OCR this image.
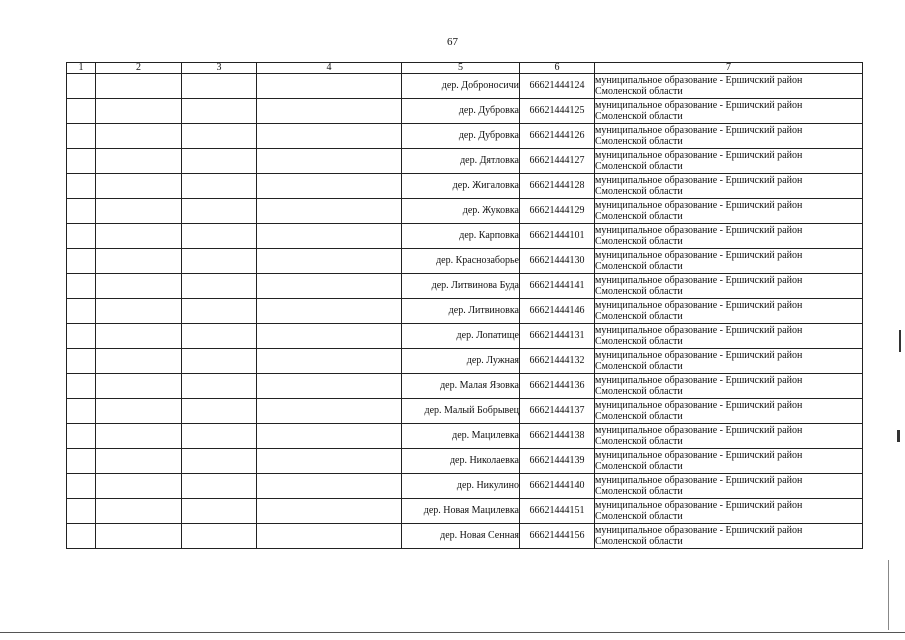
67
1	2	3	4	5	6	7
				дер. Доброносичи	66621444124	муниципальное образование - Ершичский район
Смоленской области

				дер. Дубровка	66621444125	муниципальное образование - Ершичский район
Смоленской области

				дер. Дубровка	66621444126	муниципальное образование - Ершичский район
Смоленской области

				дер. Дятловка	66621444127	муниципальное образование - Ершичский район
Смоленской области

				дер. Жигаловка	66621444128	муниципальное образование - Ершичский район
Смоленской области

				дер. Жуковка	66621444129	муниципальное образование - Ершичский район
Смоленской области

				дер. Карповка	66621444101	муниципальное образование - Ершичский район
Смоленской области

				дер. Краснозаборье	66621444130	муниципальное образование - Ершичский район
Смоленской области

				дер. Литвинова Буда	66621444141	муниципальное образование - Ершичский район
Смоленской области

				дер. Литвиновка	66621444146	муниципальное образование - Ершичский район
Смоленской области

				дер. Лопатище	66621444131	муниципальное образование - Ершичский район
Смоленской области

				дер. Лужная	66621444132	муниципальное образование - Ершичский район
Смоленской области

				дер. Малая Язовка	66621444136	муниципальное образование - Ершичский район
Смоленской области

				дер. Малый Бобрывец	66621444137	муниципальное образование - Ершичский район
Смоленской области

				дер. Мацилевка	66621444138	муниципальное образование - Ершичский район
Смоленской области

				дер. Николаевка	66621444139	муниципальное образование - Ершичский район
Смоленской области

				дер. Никулино	66621444140	муниципальное образование - Ершичский район
Смоленской области

				дер. Новая Мацилевка	66621444151	муниципальное образование - Ершичский район
Смоленской области

				дер. Новая Сенная	66621444156	муниципальное образование - Ершичский район
Смоленской области
